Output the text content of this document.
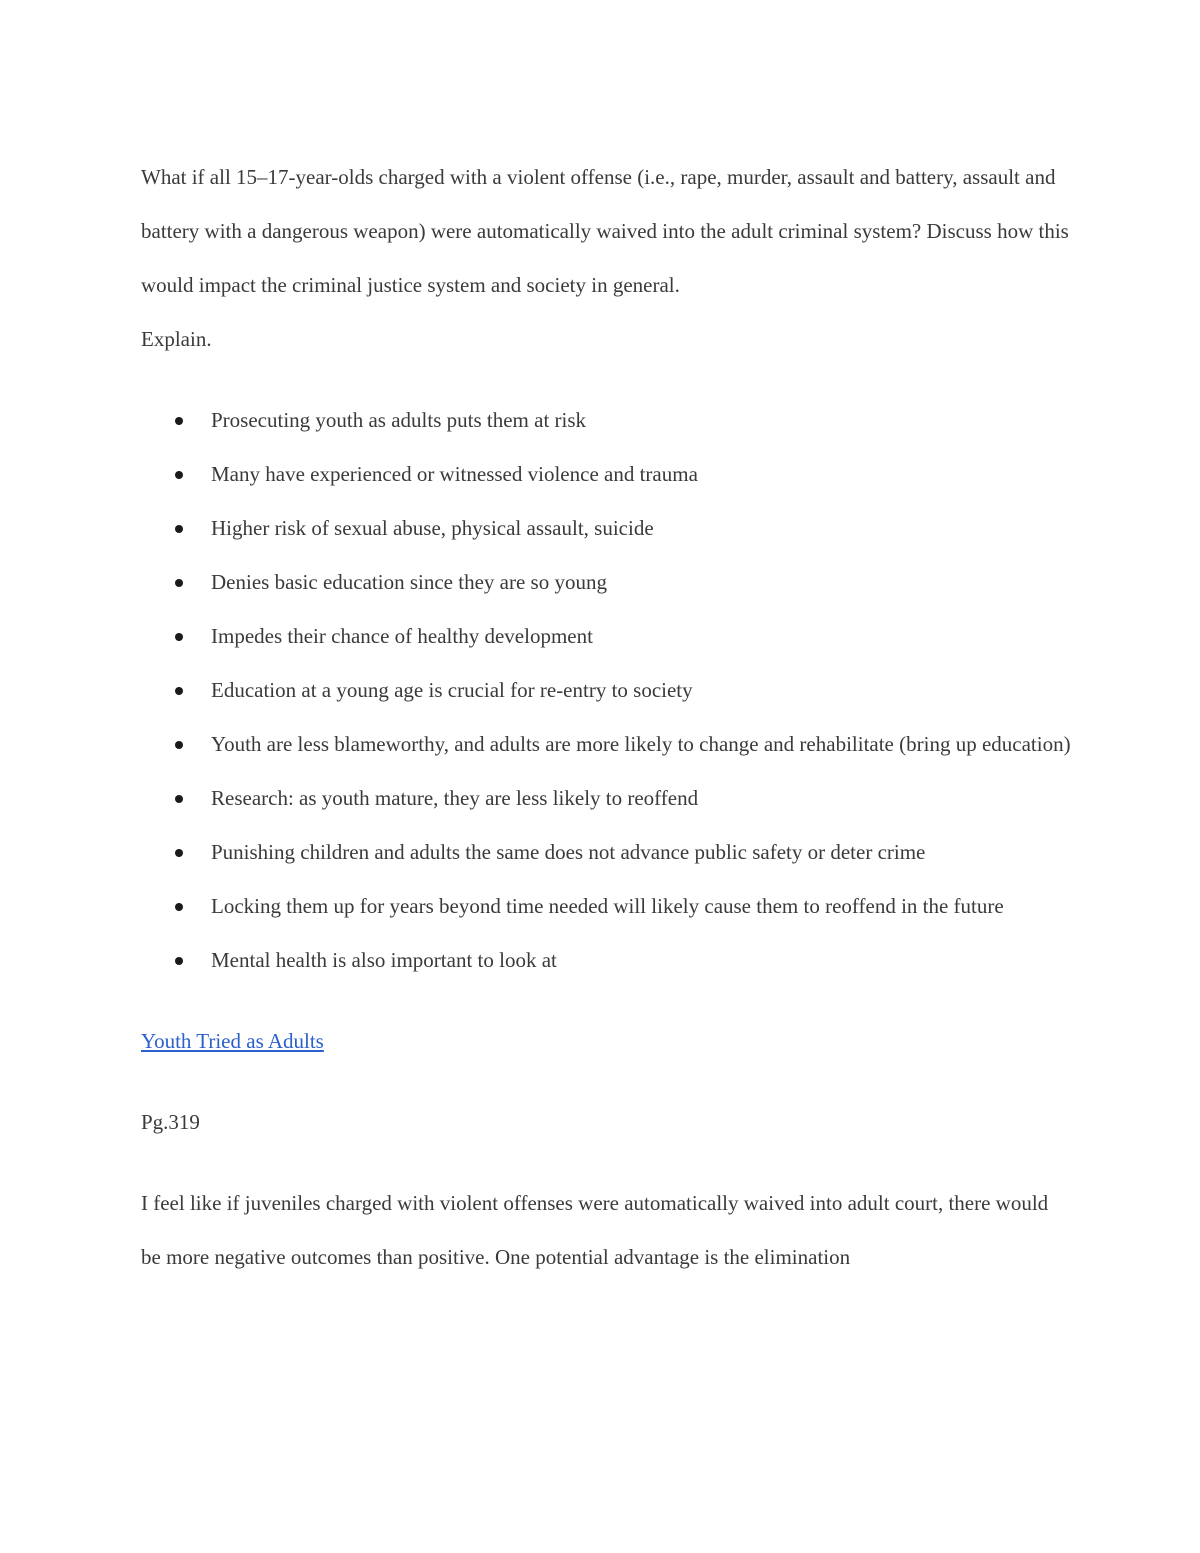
What if all 15–17-year-olds charged with a violent offense (i.e., rape, murder, assault and battery, assault and battery with a dangerous weapon) were automatically waived into the adult criminal system? Discuss how this would impact the criminal justice system and society in general.

Explain.

Prosecuting youth as adults puts them at risk
Many have experienced or witnessed violence and trauma
Higher risk of sexual abuse, physical assault, suicide
Denies basic education since they are so young
Impedes their chance of healthy development
Education at a young age is crucial for re-entry to society
Youth are less blameworthy, and adults are more likely to change and rehabilitate (bring up education)
Research: as youth mature, they are less likely to reoffend
Punishing children and adults the same does not advance public safety or deter crime
Locking them up for years beyond time needed will likely cause them to reoffend in the future
Mental health is also important to look at

Youth Tried as Adults

Pg.319

I feel like if juveniles charged with violent offenses were automatically waived into adult court, there would be more negative outcomes than positive. One potential advantage is the elimination
